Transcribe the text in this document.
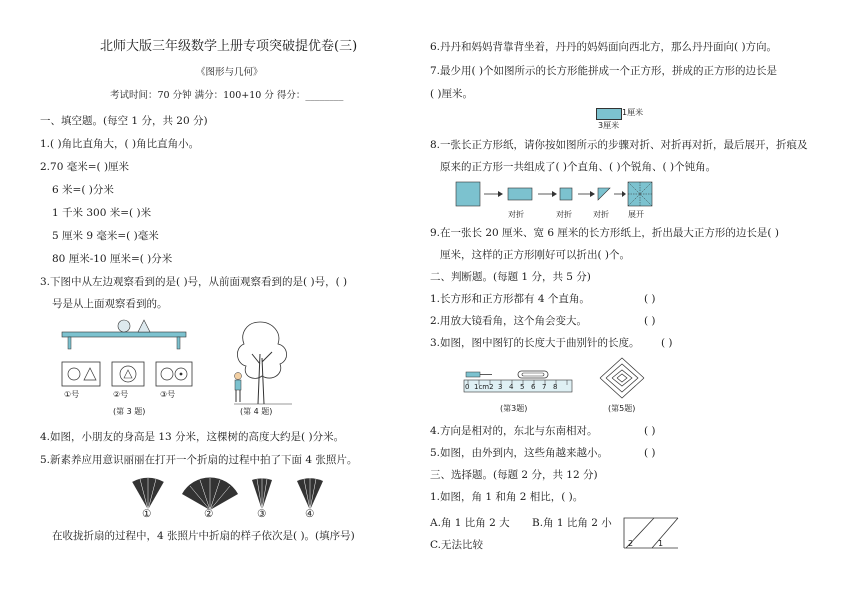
北师大版三年级数学上册专项突破提优卷(三)
《图形与几何》
考试时间：70 分钟 满分：100+10 分 得分：________
一、填空题。(每空 1 分，共 20 分)
1.( )角比直角大，( )角比直角小。
2.70 毫米=( )厘米
6 米=( )分米
1 千米 300 米=( )米
5 厘米 9 毫米=( )毫米
80 厘米-10 厘米=( )分米
3.下图中从左边观察看到的是( )号，从前面观察看到的是( )号，( )
号是从上面观察看到的。
①号	②号	③号
(第 3 题)	(第 4 题)
4.如图，小朋友的身高是 13 分米，这棵树的高度大约是( )分米。
5.新素养应用意识丽丽在打开一个折扇的过程中拍了下面 4 张照片。
①	②	③	④
在收拢折扇的过程中，4 张照片中折扇的样子依次是( )。(填序号)
6.丹丹和妈妈背靠背坐着，丹丹的妈妈面向西北方，那么丹丹面向( )方向。
7.最少用( )个如图所示的长方形能拼成一个正方形，拼成的正方形的边长是
( )厘米。
1厘米
3厘米
8.一张长正方形纸，请你按如图所示的步骤对折、对折再对折，最后展开，折痕及
原来的正方形一共组成了( )个直角、( )个锐角、( )个钝角。
对折	对折	对折 展开
9.在一张长 20 厘米、宽 6 厘米的长方形纸上，折出最大正方形的边长是( )
厘米，这样的正方形刚好可以折出( )个。
二、判断题。(每题 1 分，共 5 分)
1.长方形和正方形都有 4 个直角。	( )
2.用放大镜看角，这个角会变大。	( )
3.如图，图中图钉的长度大于曲别针的长度。 ( )
0 1cm2 3 4 5 6 7 8
(第3题)	(第5题)
4.方向是相对的，东北与东南相对。	( )
5.如图，由外到内，这些角越来越小。	( )
三、选择题。(每题 2 分，共 12 分)
1.如图，角 1 和角 2 相比，( )。
A.角 1 比角 2 大 B.角 1 比角 2 小
C.无法比较	2	1
